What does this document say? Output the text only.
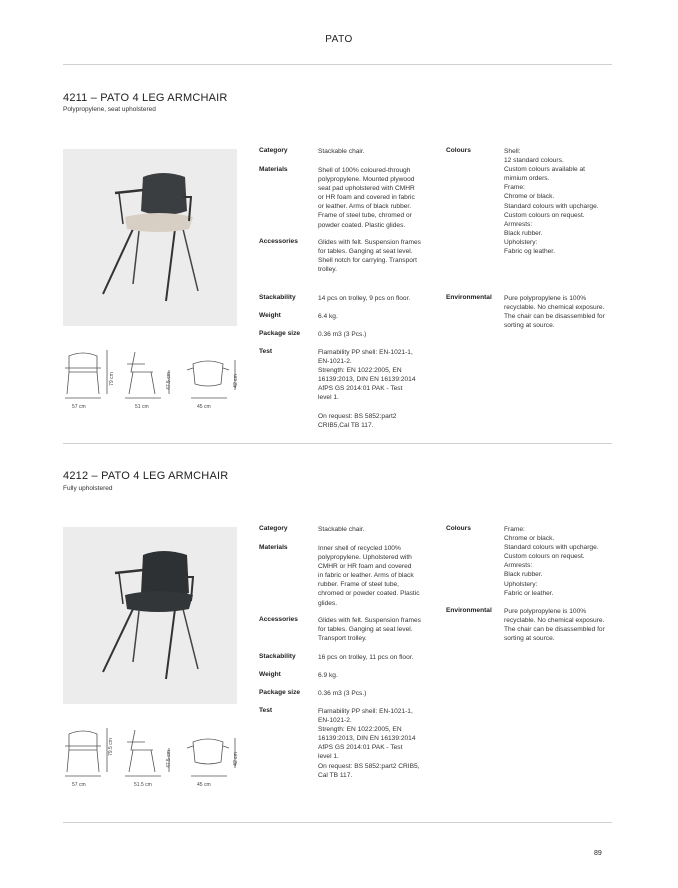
PATO
4211 – PATO 4 LEG ARMCHAIR
Polypropylene, seat upholstered
57 cm
79 cm
51 cm
47.5 cm
45 cm
42 cm
Category	Stackable chair.
Materials	Shell of 100% coloured-through
polypropylene. Mounted plywood
seat pad upholstered with CMHR
or HR foam and covered in fabric
or leather. Arms of black rubber.
Frame of steel tube, chromed or
powder coated. Plastic glides.
Accessories	Glides with felt. Suspension frames
for tables. Ganging at seat level.
Shell notch for carrying. Transport
trolley.
Stackability	14 pcs on trolley, 9 pcs on floor.
Weight	6.4 kg.
Package size	0.36 m3 (3 Pcs.)
Test	Flamability PP shell: EN-1021-1,
EN-1021-2.
Strength: EN 1022:2005, EN
16139:2013, DIN EN 16139:2014
AfPS GS 2014:01 PAK - Test
level 1.

On request: BS 5852:part2
CRIB5,Cal TB 117.
Colours	Shell:
12 standard colours.
Custom colours available at
mimium orders.
Frame:
Chrome or black.
Standard colours with upcharge.
Custom colours on request.
Armrests:
Black rubber.
Upholstery:
Fabric og leather.
Environmental Pure polypropylene is 100%
recyclable. No chemical exposure.
The chair can be disassembled for
sorting at source.
4212 – PATO 4 LEG ARMCHAIR
Fully upholstered
57 cm
79.5 cm
51.5 cm
47.5 cm
45 cm
42 cm
Category	Stackable chair.
Materials	Inner shell of recycled 100%
polypropylene. Upholstered with
CMHR or HR foam and covered
in fabric or leather. Arms of black
rubber. Frame of steel tube,
chromed or powder coated. Plastic
glides.
Accessories	Glides with felt. Suspension frames
for tables. Ganging at seat level.
Transport trolley.
Stackability	16 pcs on trolley, 11 pcs on floor.
Weight	6.9 kg.
Package size	0.36 m3 (3 Pcs.)
Test	Flamability PP shell: EN-1021-1,
EN-1021-2.
Strength: EN 1022:2005, EN
16139:2013, DIN EN 16139:2014
AfPS GS 2014:01 PAK - Test
level 1.
On request: BS 5852:part2 CRIB5,
Cal TB 117.
Colours	Frame:
Chrome or black.
Standard colours with upcharge.
Custom colours on request.
Armrests:
Black rubber.
Upholstery:
Fabric or leather.
Environmental Pure polypropylene is 100%
recyclable. No chemical exposure.
The chair can be disassembled for
sorting at source.
89
